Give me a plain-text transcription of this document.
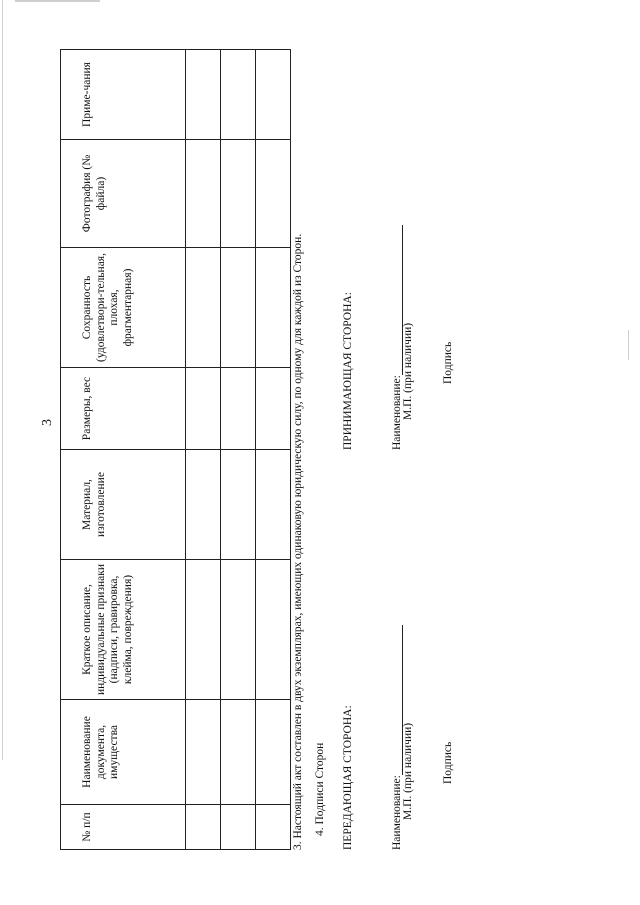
3
№ п/п	Наименование документа, имущества	Краткое описание, индивидуальные признаки (надписи, гравировка, клейма, повреждения)	Материал, изготовление	Размеры, вес	Сохранность (удовлетвори-тельная, плохая, фрагментарная)	Фотография (№ файла)	Приме-чания

3. Настоящий акт составлен в двух экземплярах, имеющих одинаковую юридическую силу, по одному для каждой из Сторон. 4. Подписи Сторон ПЕРЕДАЮЩАЯ СТОРОНА:	Наименование: М.П. (при наличии) Подпись
ПРИНИМАЮЩАЯ СТОРОНА:	Наименование: М.П. (при наличии) Подпись
